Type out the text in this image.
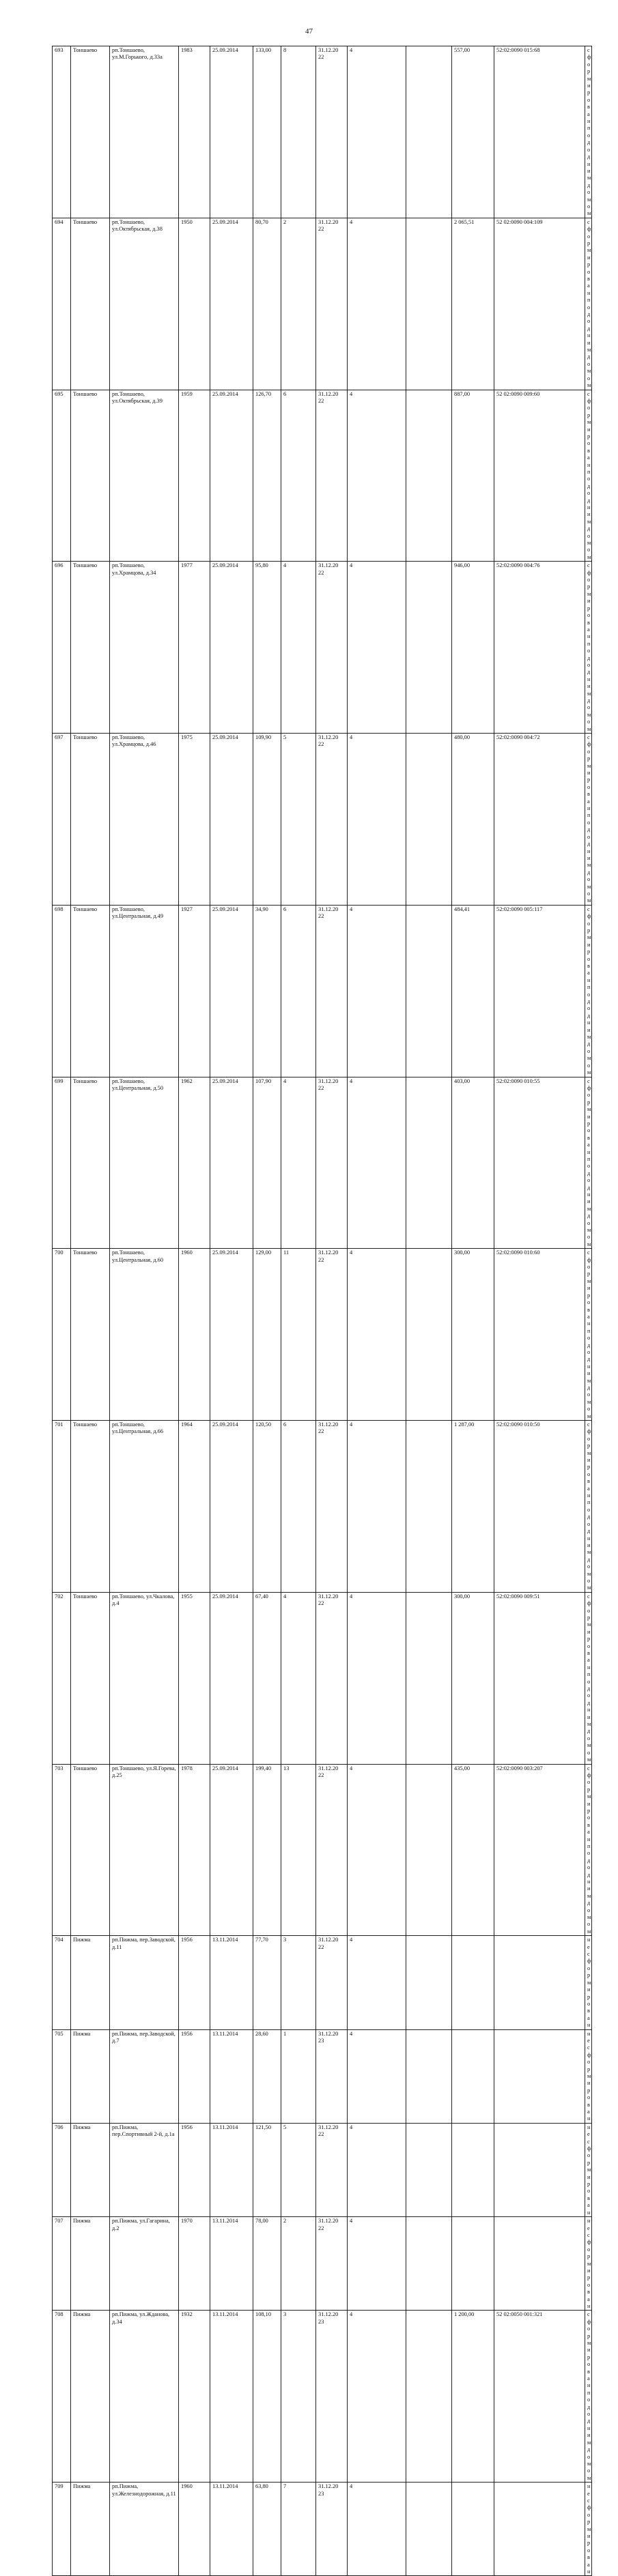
47
693	Тоншаево	рп.Тоншаево, ул.М.Горького, д.33а	1983	25.09.2014	133,00	8	31.12.20 22	4		557,00	52:02:0090 015:68	сформирован под одним домом
694	Тоншаево	рп.Тоншаево, ул.Октябрьская, д.38	1950	25.09.2014	80,70	2	31.12.20 22	4		2 065,51	52 02:0090 004:109	сформирован под одним домом
695	Тоншаево	рп.Тоншаево, ул.Октябрьская, д.39	1959	25.09.2014	126,70	6	31.12.20 22	4		887,00	52 02:0090 009:60	сформирован под одним домом
696	Тоншаево	рп.Тоншаево, ул.Храмцова, д.34	1977	25.09.2014	95,80	4	31.12.20 22	4		946,00	52:02:0090 004:76	сформирован под одним домом
697	Тоншаево	рп.Тоншаево, ул.Храмцова, д.46	1975	25.09.2014	109,90	5	31.12.20 22	4		480,00	52:02:0090 004:72	сформирован под одним домом
698	Тоншаево	рп.Тоншаево, ул.Центральная, д.49	1927	25.09.2014	34,90	6	31.12.20 22	4		484,41	52:02:0090 005:117	сформирован под одним домом
699	Тоншаево	рп.Тоншаево, ул.Центральная, д.50	1962	25.09.2014	107,90	4	31.12.20 22	4		403,00	52:02:0090 010:55	сформирован под одним домом
700	Тоншаево	рп.Тоншаево, ул.Центральная, д.60	1960	25.09.2014	129,00	11	31.12.20 22	4		300,00	52:02:0090 010:60	сформирован под одним домом
701	Тоншаево	рп.Тоншаево, ул.Центральная, д.66	1964	25.09.2014	120,50	6	31.12.20 22	4		1 287,00	52:02:0090 010:50	сформирован под одним домом
702	Тоншаево	рп.Тоншаево, ул.Чкалова, д.4	1955	25.09.2014	67,40	4	31.12.20 22	4		300,00	52:02:0090 009:51	сформирован под одним домом
703	Тоншаево	рп.Тоншаево, ул.Я.Горева, д.25	1978	25.09.2014	199,40	13	31.12.20 22	4		435,00	52:02:0090 003:207	сформирован под одним домом
704	Пижма	рп.Пижма, пер.Заводской, д.11	1956	13.11.2014	77,70	3	31.12.20 22	4				не сформирован
705	Пижма	рп.Пижма, пер.Заводской, д.7	1956	13.11.2014	28,60	1	31.12.20 23	4				не сформирован
706	Пижма	рп.Пижма, пер.Спортивный 2-й, д.1а	1956	13.11.2014	121,50	5	31.12.20 22	4				не сформирован
707	Пижма	рп.Пижма, ул.Гагарина, д.2	1970	13.11.2014	78,00	2	31.12.20 22	4				не сформирован
708	Пижма	рп.Пижма, ул.Жданова, д.34	1932	13.11.2014	108,10	3	31.12.20 23	4		1 200,00	52 02:0050 001:321	сформирован под одним домом
709	Пижма	рп.Пижма, ул.Железнодорожная, д.11	1960	13.11.2014	63,80	7	31.12.20 23	4				не сформирован
